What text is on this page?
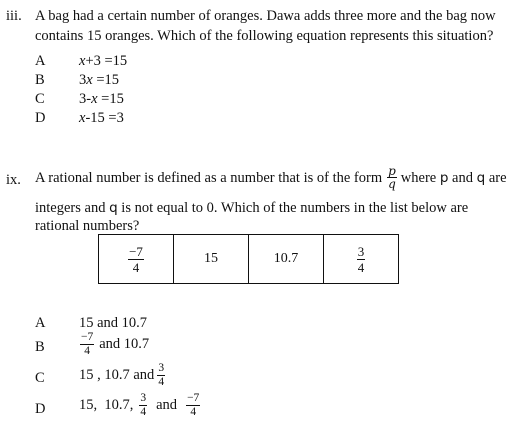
iii. A bag had a certain number of oranges. Dawa adds three more and the bag now
contains 15 oranges. Which of the following equation represents this situation?
A x+3 =15
B 3x =15
C 3-x =15
D x-15 =3
ix. A rational number is defined as a number that is of the form $\frac{p}{q}$ where
p
and
q
are
integers and q is not equal to 0. Which of the numbers in the list below are
rational numbers?
$\frac{-7}{4}$	15	10.7	$\frac{3}{4}$
A 15 and 10.7
B	$\frac{-7}{4}$ and 10.7
C 15 , 10.7 and $\frac{3}{4}$
D 15,  10.7, $\frac{3}{4}$ and $\frac{-7}{4}$
